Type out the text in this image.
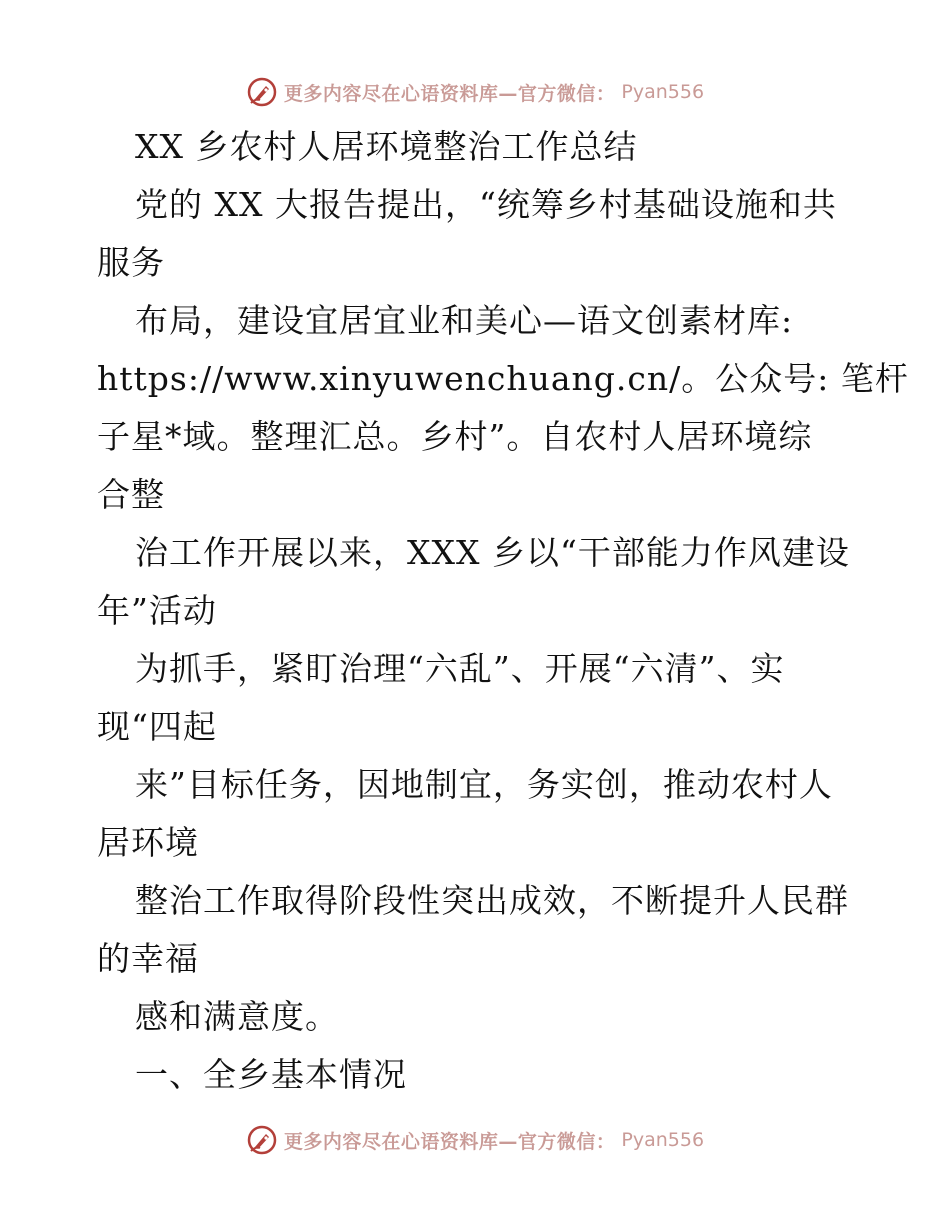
更多内容尽在心语资料库—官方微信： Pyan556
XX 乡农村人居环境整治工作总结
党的 XX 大报告提出，“统筹乡村基础设施和共
服务
布局，建设宜居宜业和美心—语文创素材库:
https://www.xinyuwenchuang.cn/。公众号: 笔杆
子星*域。整理汇总。乡村”。自农村人居环境综
合整
治工作开展以来，XXX 乡以“干部能力作风建设
年”活动
为抓手，紧盯治理“六乱”、开展“六清”、实
现“四起
来”目标任务，因地制宜，务实创，推动农村人
居环境
整治工作取得阶段性突出成效，不断提升人民群
的幸福
感和满意度。
一、全乡基本情况
更多内容尽在心语资料库—官方微信： Pyan556
